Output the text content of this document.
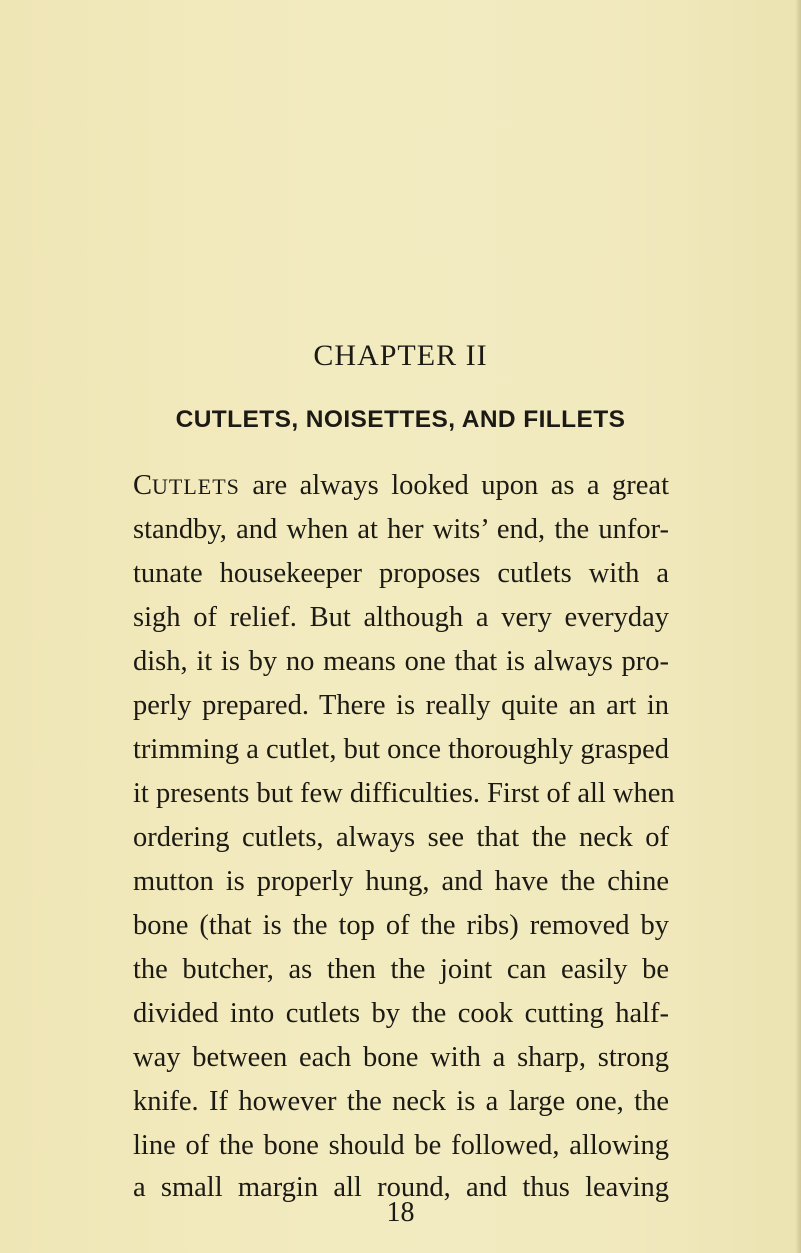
CHAPTER II
CUTLETS, NOISETTES, AND FILLETS
CUTLETS are always looked upon as a great
standby, and when at her wits’ end, the unfor-
tunate housekeeper proposes cutlets with a
sigh of relief. But although a very everyday
dish, it is by no means one that is always pro-
perly prepared. There is really quite an art in
trimming a cutlet, but once thoroughly grasped
it presents but few difficulties. First of all when
ordering cutlets, always see that the neck of
mutton is properly hung, and have the chine
bone (that is the top of the ribs) removed by
the butcher, as then the joint can easily be
divided into cutlets by the cook cutting half-
way between each bone with a sharp, strong
knife. If however the neck is a large one, the
line of the bone should be followed, allowing
a small margin all round, and thus leaving
18
